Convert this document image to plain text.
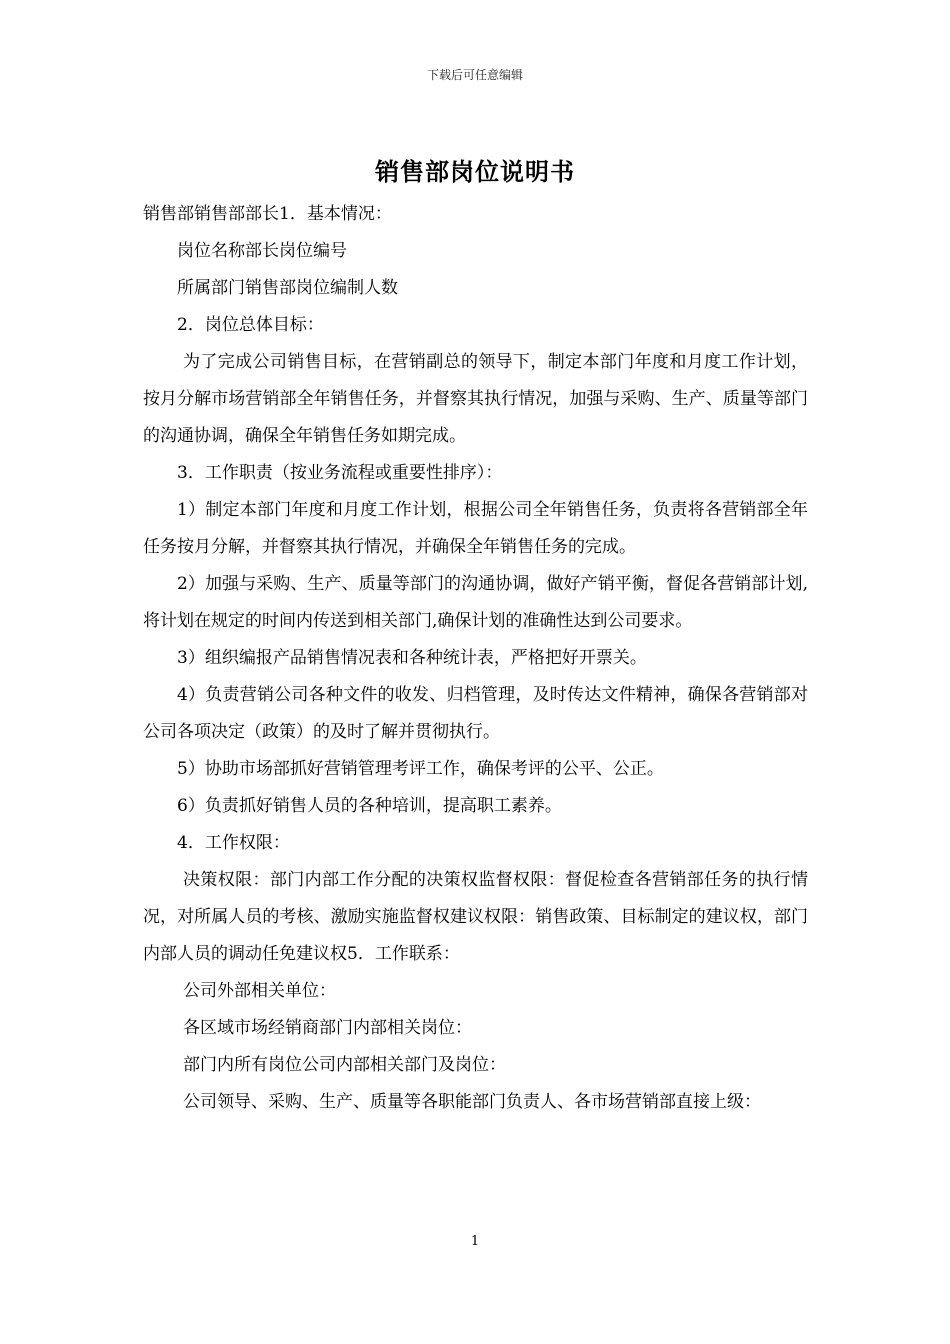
下载后可任意编辑
销售部岗位说明书

销售部销售部部长1．基本情况：

岗位名称部长岗位编号

所属部门销售部岗位编制人数

2．岗位总体目标：

为了完成公司销售目标，在营销副总的领导下，制定本部门年度和月度工作计划，按月分解市场营销部全年销售任务，并督察其执行情况，加强与采购、生产、质量等部门的沟通协调，确保全年销售任务如期完成。

3．工作职责（按业务流程或重要性排序）：

1）制定本部门年度和月度工作计划，根据公司全年销售任务，负责将各营销部全年任务按月分解，并督察其执行情况，并确保全年销售任务的完成。

2）加强与采购、生产、质量等部门的沟通协调，做好产销平衡，督促各营销部计划,将计划在规定的时间内传送到相关部门,确保计划的准确性达到公司要求。

3）组织编报产品销售情况表和各种统计表，严格把好开票关。

4）负责营销公司各种文件的收发、归档管理，及时传达文件精神，确保各营销部对公司各项决定（政策）的及时了解并贯彻执行。

5）协助市场部抓好营销管理考评工作，确保考评的公平、公正。

6）负责抓好销售人员的各种培训，提高职工素养。

4．工作权限：

决策权限：部门内部工作分配的决策权监督权限：督促检查各营销部任务的执行情况，对所属人员的考核、激励实施监督权建议权限：销售政策、目标制定的建议权，部门内部人员的调动任免建议权5．工作联系：

公司外部相关单位：

各区域市场经销商部门内部相关岗位：

部门内所有岗位公司内部相关部门及岗位：

公司领导、采购、生产、质量等各职能部门负责人、各市场营销部直接上级：

1
